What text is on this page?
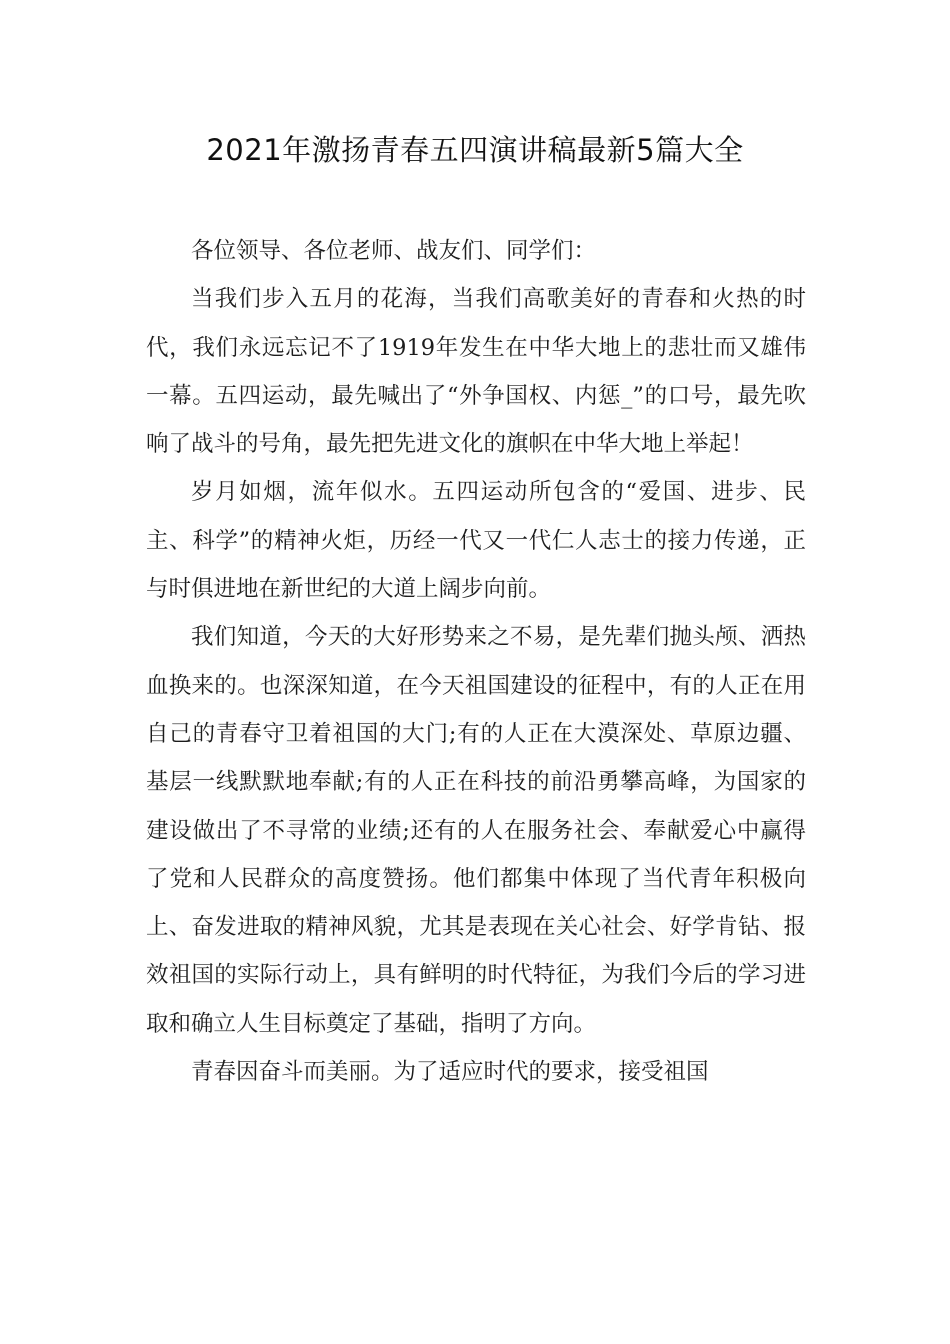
2021年激扬青春五四演讲稿最新5篇大全

各位领导、各位老师、战友们、同学们：

当我们步入五月的花海，当我们高歌美好的青春和火热的时代，我们永远忘记不了1919年发生在中华大地上的悲壮而又雄伟一幕。五四运动，最先喊出了“外争国权、内惩_”的口号，最先吹响了战斗的号角，最先把先进文化的旗帜在中华大地上举起！

岁月如烟，流年似水。五四运动所包含的“爱国、进步、民主、科学”的精神火炬，历经一代又一代仁人志士的接力传递，正与时俱进地在新世纪的大道上阔步向前。

我们知道，今天的大好形势来之不易，是先辈们抛头颅、洒热血换来的。也深深知道，在今天祖国建设的征程中，有的人正在用自己的青春守卫着祖国的大门;有的人正在大漠深处、草原边疆、基层一线默默地奉献;有的人正在科技的前沿勇攀高峰，为国家的建设做出了不寻常的业绩;还有的人在服务社会、奉献爱心中赢得了党和人民群众的高度赞扬。他们都集中体现了当代青年积极向上、奋发进取的精神风貌，尤其是表现在关心社会、好学肯钻、报效祖国的实际行动上，具有鲜明的时代特征，为我们今后的学习进取和确立人生目标奠定了基础，指明了方向。

青春因奋斗而美丽。为了适应时代的要求，接受祖国
